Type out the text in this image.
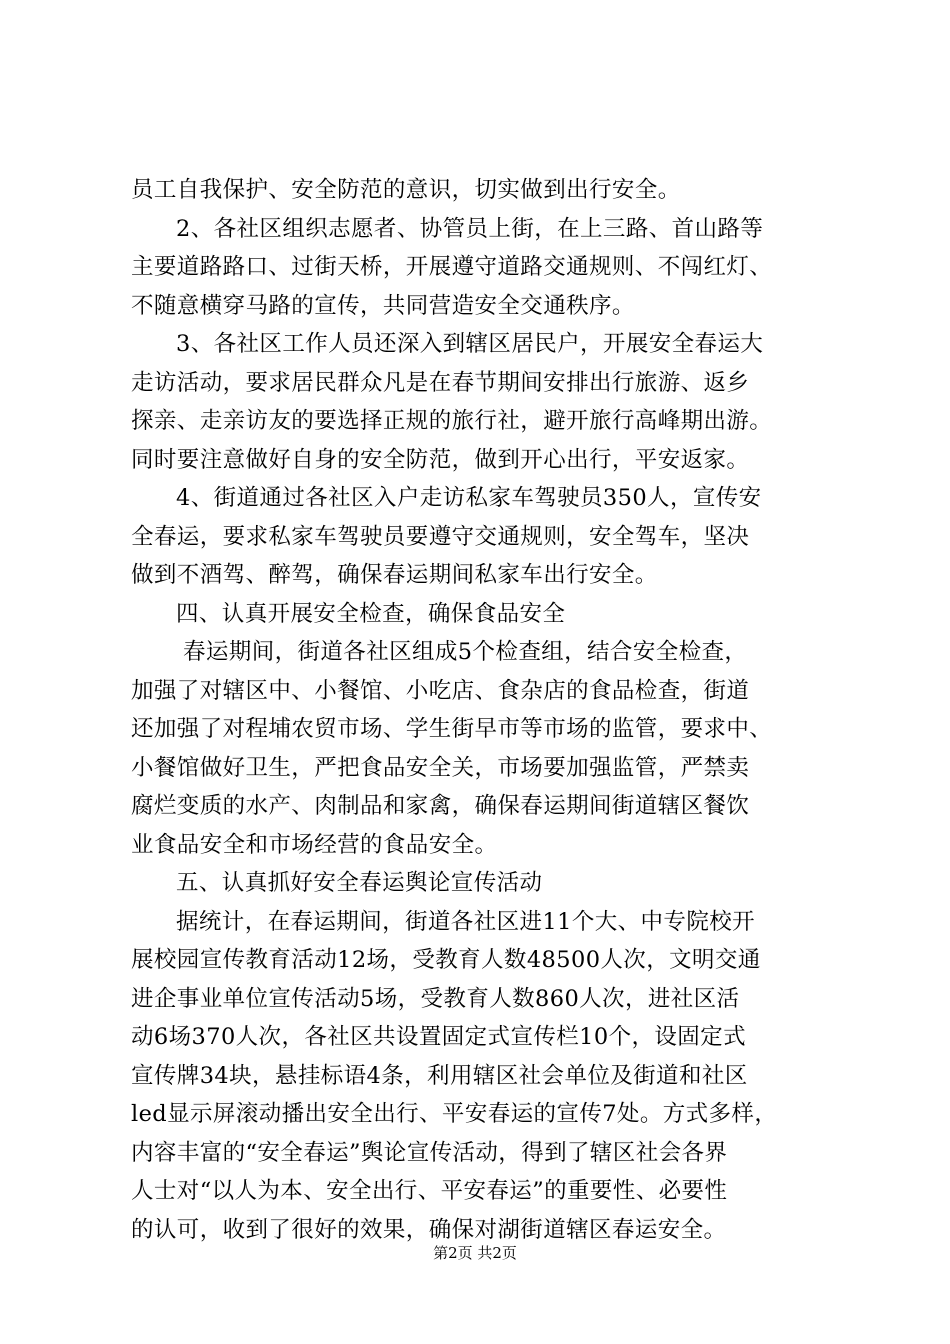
员工自我保护、安全防范的意识，切实做到出行安全。
2、各社区组织志愿者、协管员上街，在上三路、首山路等
主要道路路口、过街天桥，开展遵守道路交通规则、不闯红灯、
不随意横穿马路的宣传，共同营造安全交通秩序。
3、各社区工作人员还深入到辖区居民户，开展安全春运大
走访活动，要求居民群众凡是在春节期间安排出行旅游、返乡
探亲、走亲访友的要选择正规的旅行社，避开旅行高峰期出游。
同时要注意做好自身的安全防范，做到开心出行，平安返家。
4、街道通过各社区入户走访私家车驾驶员350人，宣传安
全春运，要求私家车驾驶员要遵守交通规则，安全驾车，坚决
做到不酒驾、醉驾，确保春运期间私家车出行安全。
四、认真开展安全检查，确保食品安全
春运期间，街道各社区组成5个检查组，结合安全检查，
加强了对辖区中、小餐馆、小吃店、食杂店的食品检查，街道
还加强了对程埔农贸市场、学生街早市等市场的监管，要求中、
小餐馆做好卫生，严把食品安全关，市场要加强监管，严禁卖
腐烂变质的水产、肉制品和家禽，确保春运期间街道辖区餐饮
业食品安全和市场经营的食品安全。
五、认真抓好安全春运舆论宣传活动
据统计，在春运期间，街道各社区进11个大、中专院校开
展校园宣传教育活动12场，受教育人数48500人次，文明交通
进企事业单位宣传活动5场，受教育人数860人次，进社区活
动6场370人次，各社区共设置固定式宣传栏10个，设固定式
宣传牌34块，悬挂标语4条，利用辖区社会单位及街道和社区
led显示屏滚动播出安全出行、平安春运的宣传7处。方式多样，
内容丰富的“安全春运”舆论宣传活动，得到了辖区社会各界
人士对“以人为本、安全出行、平安春运”的重要性、必要性
的认可，收到了很好的效果，确保对湖街道辖区春运安全。
第2页 共2页
